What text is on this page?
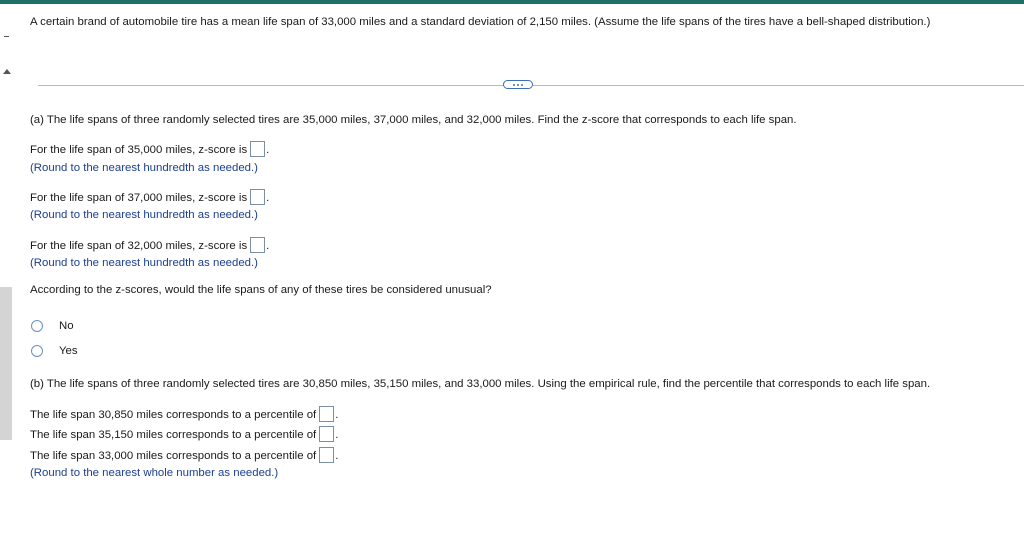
A certain brand of automobile tire has a mean life span of 33,000 miles and a standard deviation of 2,150 miles. (Assume the life spans of the tires have a bell-shaped distribution.)
(a) The life spans of three randomly selected tires are 35,000 miles, 37,000 miles, and 32,000 miles. Find the z-score that corresponds to each life span.
For the life span of 35,000 miles, z-score is .
(Round to the nearest hundredth as needed.)
For the life span of 37,000 miles, z-score is .
(Round to the nearest hundredth as needed.)
For the life span of 32,000 miles, z-score is .
(Round to the nearest hundredth as needed.)
According to the z-scores, would the life spans of any of these tires be considered unusual?
No
Yes
(b) The life spans of three randomly selected tires are 30,850 miles, 35,150 miles, and 33,000 miles. Using the empirical rule, find the percentile that corresponds to each life span.
The life span 30,850 miles corresponds to a percentile of .
The life span 35,150 miles corresponds to a percentile of .
The life span 33,000 miles corresponds to a percentile of .
(Round to the nearest whole number as needed.)
